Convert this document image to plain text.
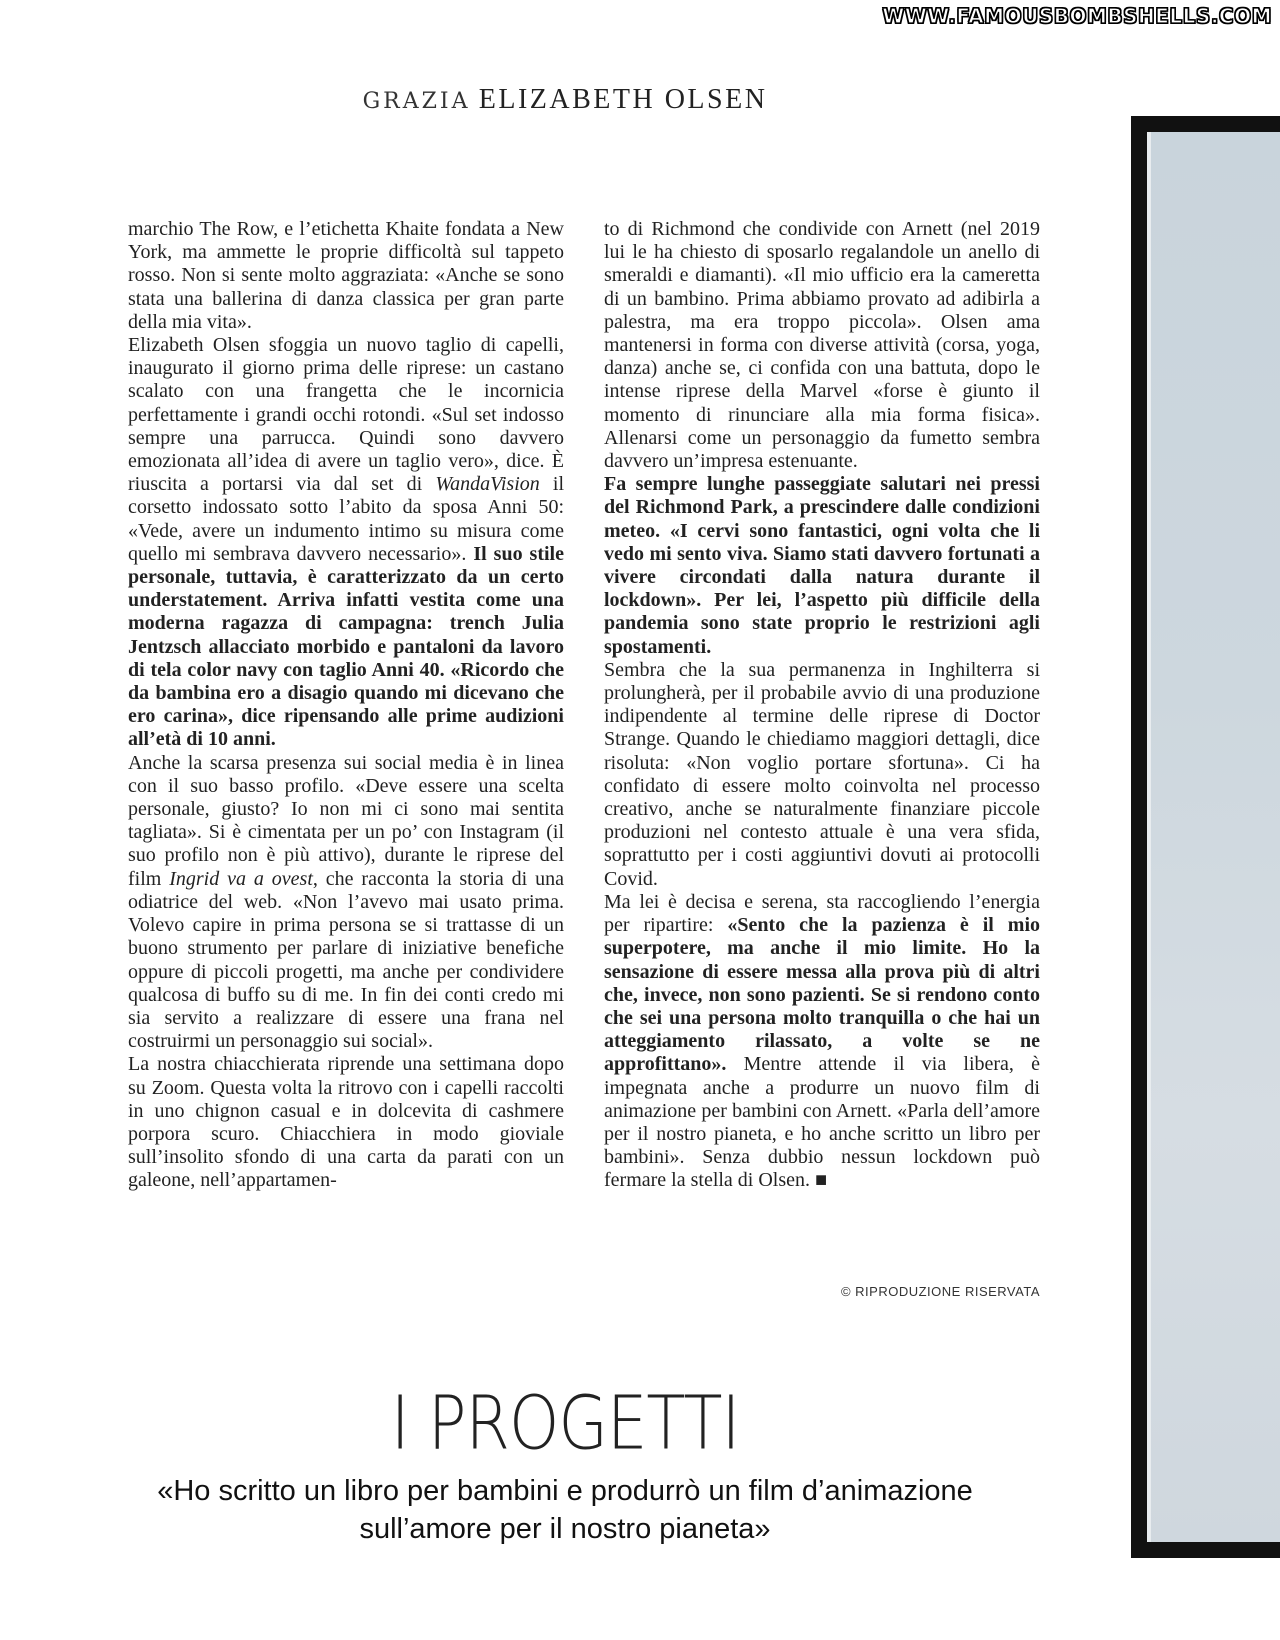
WWW.FAMOUSBOMBSHELLS.COM
GRAZIA ELIZABETH OLSEN

marchio The Row, e l’etichetta Khaite fondata a New York, ma ammette le proprie difficoltà sul tappeto rosso. Non si sente molto aggraziata: «Anche se sono stata una ballerina di danza classica per gran parte della mia vita».

Elizabeth Olsen sfoggia un nuovo taglio di capelli, inaugurato il giorno prima delle riprese: un castano scalato con una frangetta che le incornicia perfettamente i grandi occhi rotondi. «Sul set indosso sempre una parrucca. Quindi sono davvero emozionata all’idea di avere un taglio vero», dice. È riuscita a portarsi via dal set di WandaVision il corsetto indossato sotto l’abito da sposa Anni 50: «Vede, avere un indumento intimo su misura come quello mi sembrava davvero necessario». Il suo stile personale, tuttavia, è caratterizzato da un certo understatement. Arriva infatti vestita come una moderna ragazza di campagna: trench Julia Jentzsch allacciato morbido e pantaloni da lavoro di tela color navy con taglio Anni 40. «Ricordo che da bambina ero a disagio quando mi dicevano che ero carina», dice ripensando alle prime audizioni all’età di 10 anni.

Anche la scarsa presenza sui social media è in linea con il suo basso profilo. «Deve essere una scelta personale, giusto? Io non mi ci sono mai sentita tagliata». Si è cimentata per un po’ con Instagram (il suo profilo non è più attivo), durante le riprese del film Ingrid va a ovest, che racconta la storia di una odiatrice del web. «Non l’avevo mai usato prima. Volevo capire in prima persona se si trattasse di un buono strumento per parlare di iniziative benefiche oppure di piccoli progetti, ma anche per condividere qualcosa di buffo su di me. In fin dei conti credo mi sia servito a realizzare di essere una frana nel costruirmi un personaggio sui social».

La nostra chiacchierata riprende una settimana dopo su Zoom. Questa volta la ritrovo con i capelli raccolti in uno chignon casual e in dolcevita di cashmere porpora scuro. Chiacchiera in modo gioviale sull’insolito sfondo di una carta da parati con un galeone, nell’appartamen-

to di Richmond che condivide con Arnett (nel 2019 lui le ha chiesto di sposarlo regalandole un anello di smeraldi e diamanti). «Il mio ufficio era la cameretta di un bambino. Prima abbiamo provato ad adibirla a palestra, ma era troppo piccola». Olsen ama mantenersi in forma con diverse attività (corsa, yoga, danza) anche se, ci confida con una battuta, dopo le intense riprese della Marvel «forse è giunto il momento di rinunciare alla mia forma fisica». Allenarsi come un personaggio da fumetto sembra davvero un’impresa estenuante.

Fa sempre lunghe passeggiate salutari nei pressi del Richmond Park, a prescindere dalle condizioni meteo. «I cervi sono fantastici, ogni volta che li vedo mi sento viva. Siamo stati davvero fortunati a vivere circondati dalla natura durante il lockdown». Per lei, l’aspetto più difficile della pandemia sono state proprio le restrizioni agli spostamenti.

Sembra che la sua permanenza in Inghilterra si prolungherà, per il probabile avvio di una produzione indipendente al termine delle riprese di Doctor Strange. Quando le chiediamo maggiori dettagli, dice risoluta: «Non voglio portare sfortuna». Ci ha confidato di essere molto coinvolta nel processo creativo, anche se naturalmente finanziare piccole produzioni nel contesto attuale è una vera sfida, soprattutto per i costi aggiuntivi dovuti ai protocolli Covid.

Ma lei è decisa e serena, sta raccogliendo l’energia per ripartire: «Sento che la pazienza è il mio superpotere, ma anche il mio limite. Ho la sensazione di essere messa alla prova più di altri che, invece, non sono pazienti. Se si rendono conto che sei una persona molto tranquilla o che hai un atteggiamento rilassato, a volte se ne approfittano». Mentre attende il via libera, è impegnata anche a produrre un nuovo film di animazione per bambini con Arnett. «Parla dell’amore per il nostro pianeta, e ho anche scritto un libro per bambini». Senza dubbio nessun lockdown può fermare la stella di Olsen. ■

© RIPRODUZIONE RISERVATA
I PROGETTI
«Ho scritto un libro per bambini e produrrò un film d’animazione
sull’amore per il nostro pianeta»
